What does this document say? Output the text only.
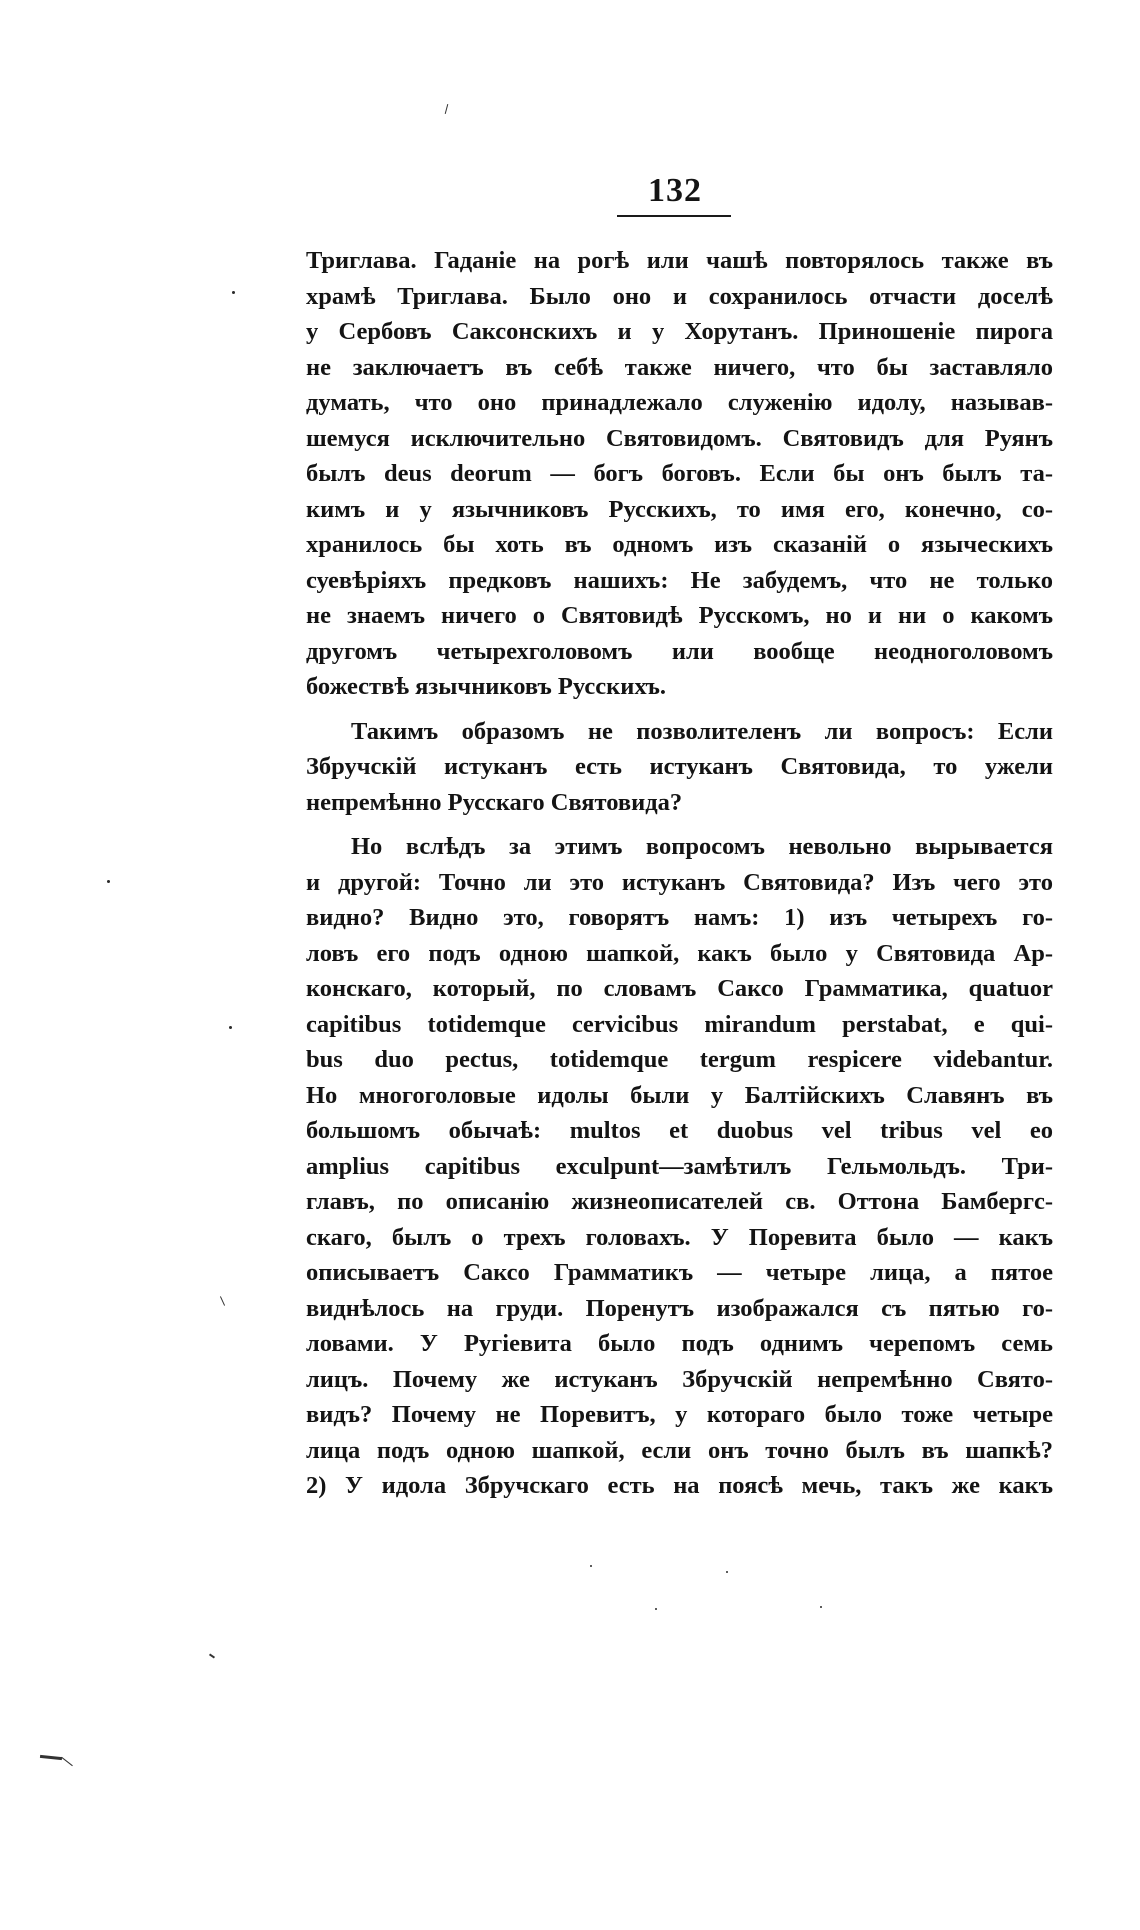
132
Триглава. Гаданіе на рогѣ или чашѣ повторялось также въ
храмѣ Триглава. Было оно и сохранилось отчасти доселѣ
у Сербовъ Саксонскихъ и у Хорутанъ. Приношеніе пирога
не заключаетъ въ себѣ также ничего, что бы заставляло
думать, что оно принадлежало служенію идолу, называв-
шемуся исключительно Святовидомъ. Святовидъ для Руянъ
былъ deus deorum — богъ боговъ. Если бы онъ былъ та-
кимъ и у язычниковъ Русскихъ, то имя его, конечно, со-
хранилось бы хоть въ одномъ изъ сказаній о языческихъ
суевѣріяхъ предковъ нашихъ: Не забудемъ, что не только
не знаемъ ничего о Святовидѣ Русскомъ, но и ни о какомъ
другомъ четырехголовомъ или вообще неодноголовомъ
божествѣ язычниковъ Русскихъ.
Такимъ образомъ не позволителенъ ли вопросъ: Если
Збручскій истуканъ есть истуканъ Святовида, то ужели
непремѣнно Русскаго Святовида?
Но вслѣдъ за этимъ вопросомъ невольно вырывается
и другой: Точно ли это истуканъ Святовида? Изъ чего это
видно? Видно это, говорятъ намъ: 1) изъ четырехъ го-
ловъ его подъ одною шапкой, какъ было у Святовида Ар-
конскаго, который, по словамъ Саксо Грамматика, quatuor
capitibus totidemque cervicibus mirandum perstabat, e qui-
bus duo pectus, totidemque tergum respicere videbantur.
Но многоголовые идолы были у Балтійскихъ Славянъ въ
большомъ обычаѣ: multos et duobus vel tribus vel eo
amplius capitibus exculpunt—замѣтилъ Гельмольдъ. Три-
главъ, по описанію жизнеописателей св. Оттона Бамбергс-
скаго, былъ о трехъ головахъ. У Поревита было — какъ
описываетъ Саксо Грамматикъ — четыре лица, а пятое
виднѣлось на груди. Поренутъ изображался съ пятью го-
ловами. У Ругіевита было подъ однимъ черепомъ семь
лицъ. Почему же истуканъ Збручскій непремѣнно Свято-
видъ? Почему не Поревитъ, у котораго было тоже четыре
лица подъ одною шапкой, если онъ точно былъ въ шапкѣ?
2) У идола Збручскаго есть на поясѣ мечь, такъ же какъ
